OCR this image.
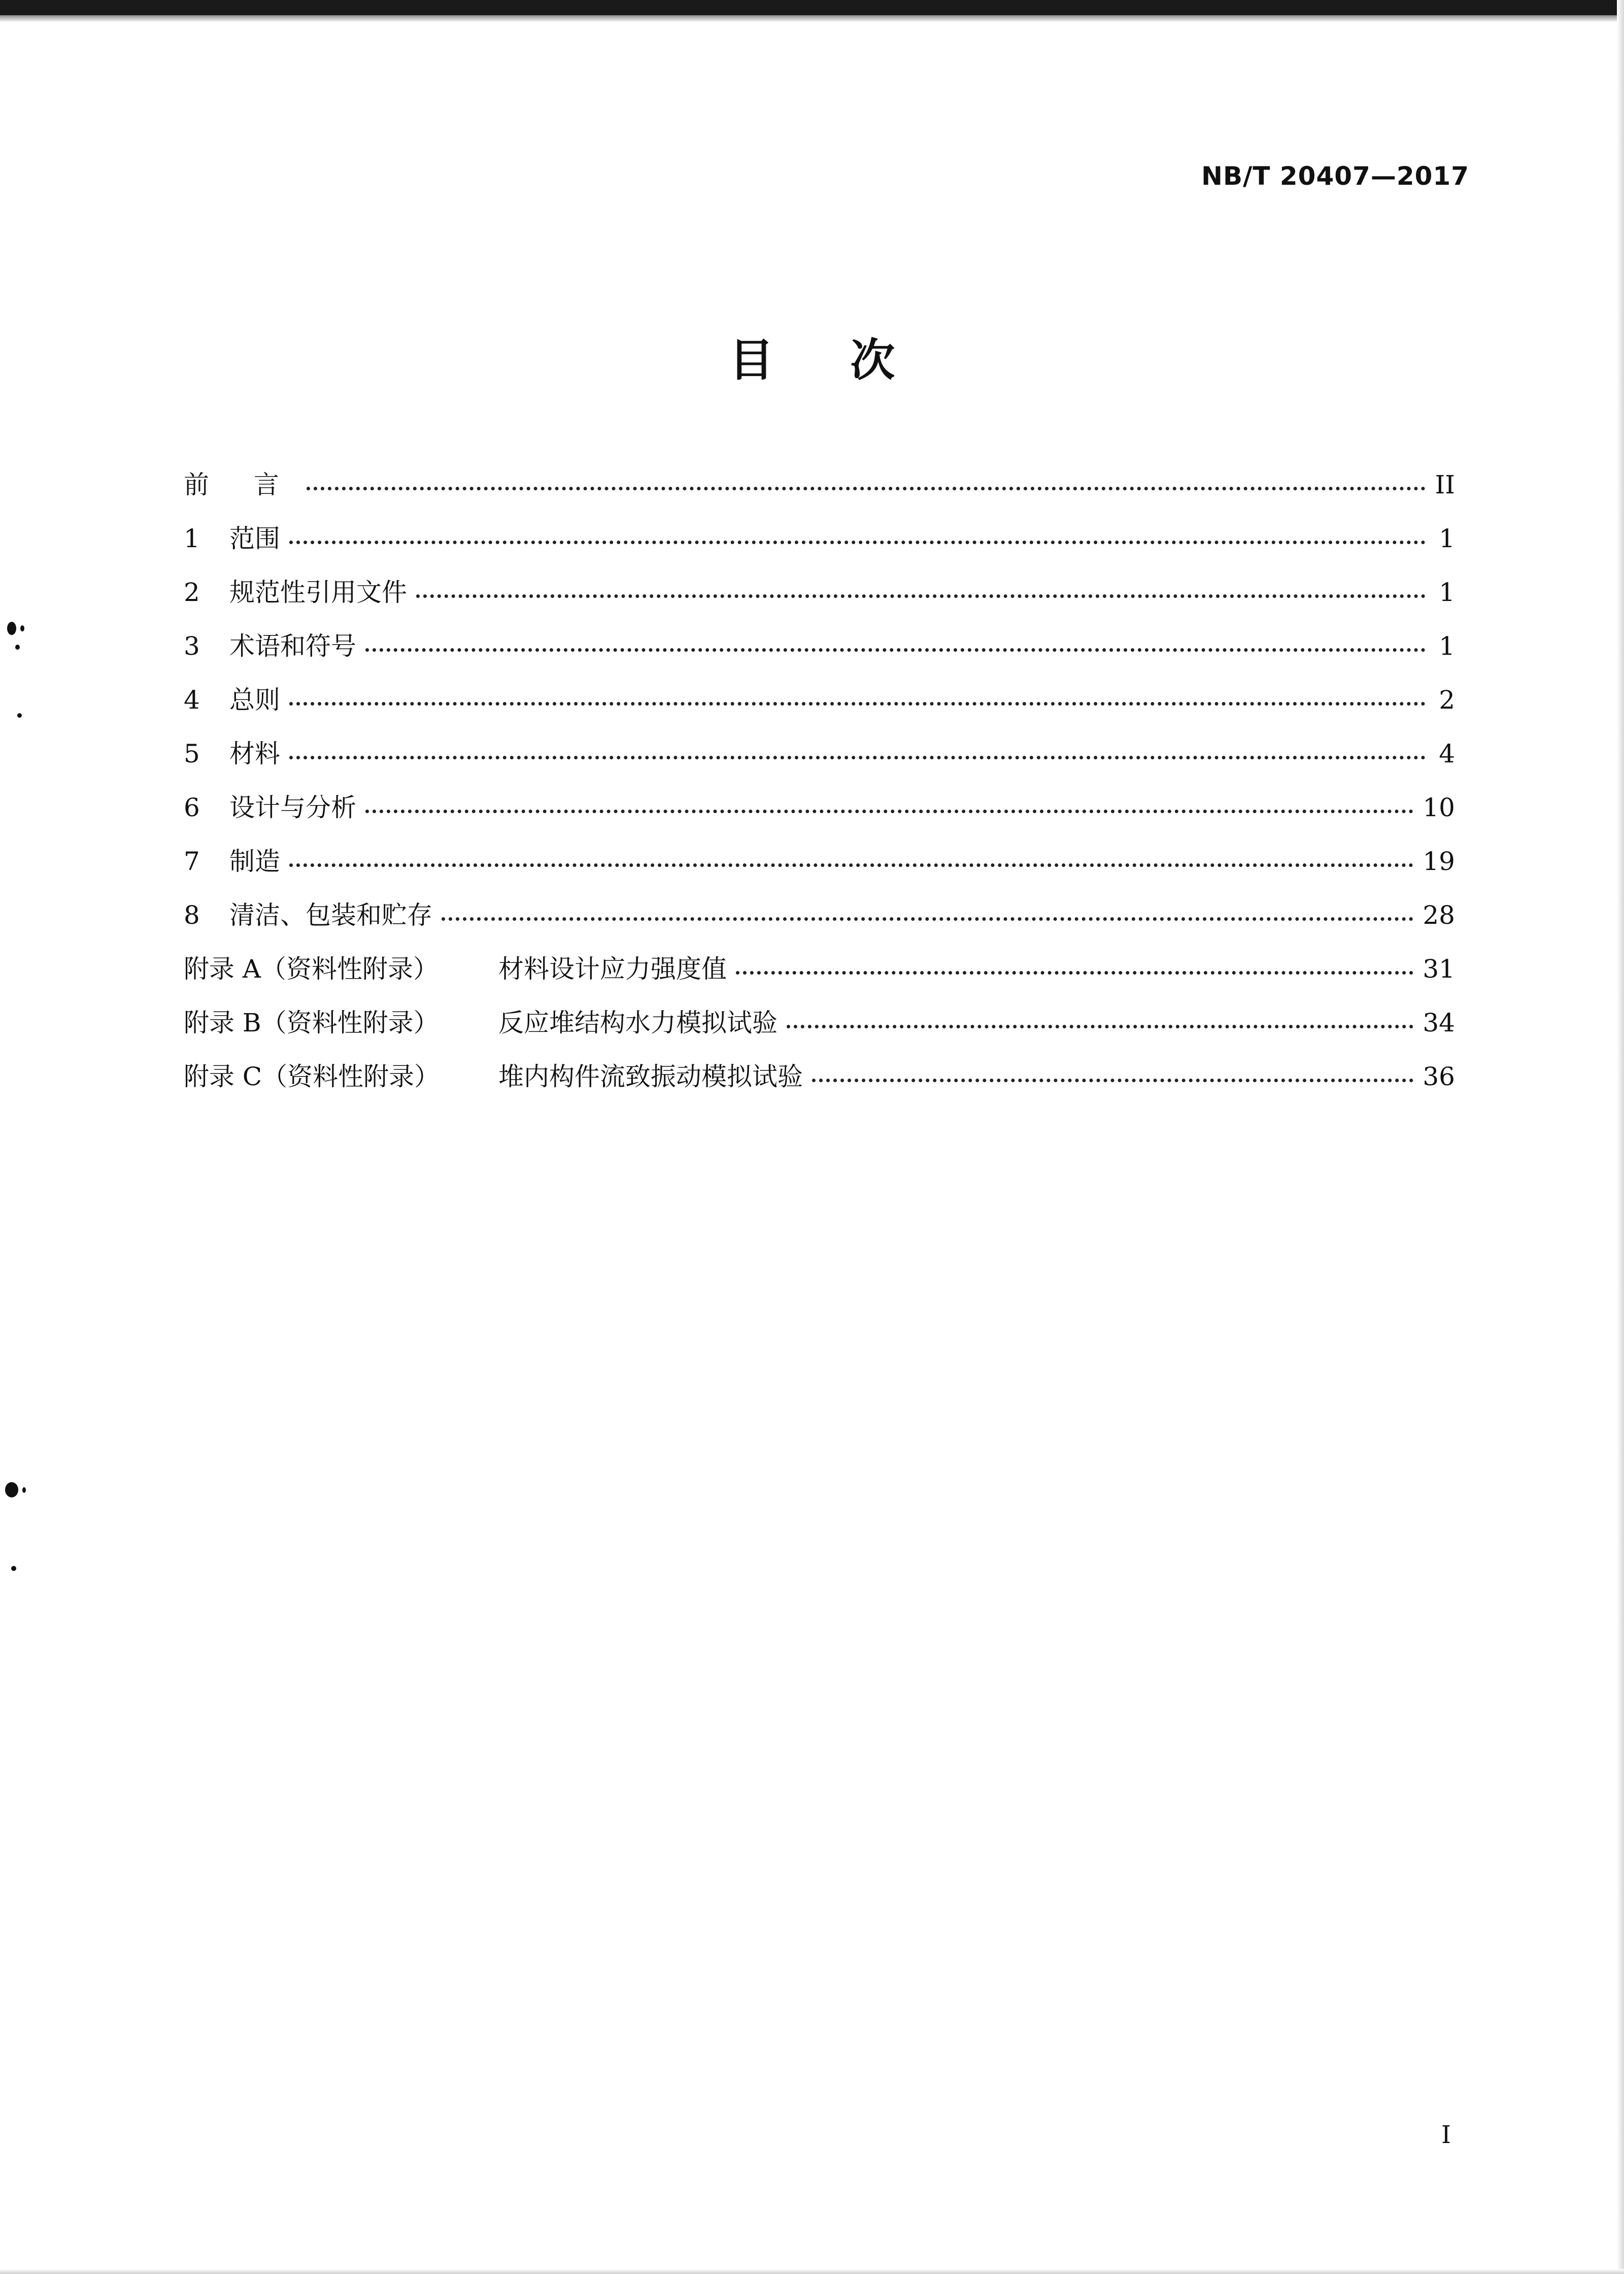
NB/T 20407—2017

目 次
前 言	II
1	范围	1
2	规范性引用文件	1
3	术语和符号	1
4	总则	2
5	材料	4
6	设计与分析	10
7	制造	19
8	清洁、包装和贮存	28
附录 A（资料性附录）	材料设计应力强度值	31
附录 B（资料性附录）	反应堆结构水力模拟试验	34
附录 C（资料性附录）	堆内构件流致振动模拟试验	36

I
